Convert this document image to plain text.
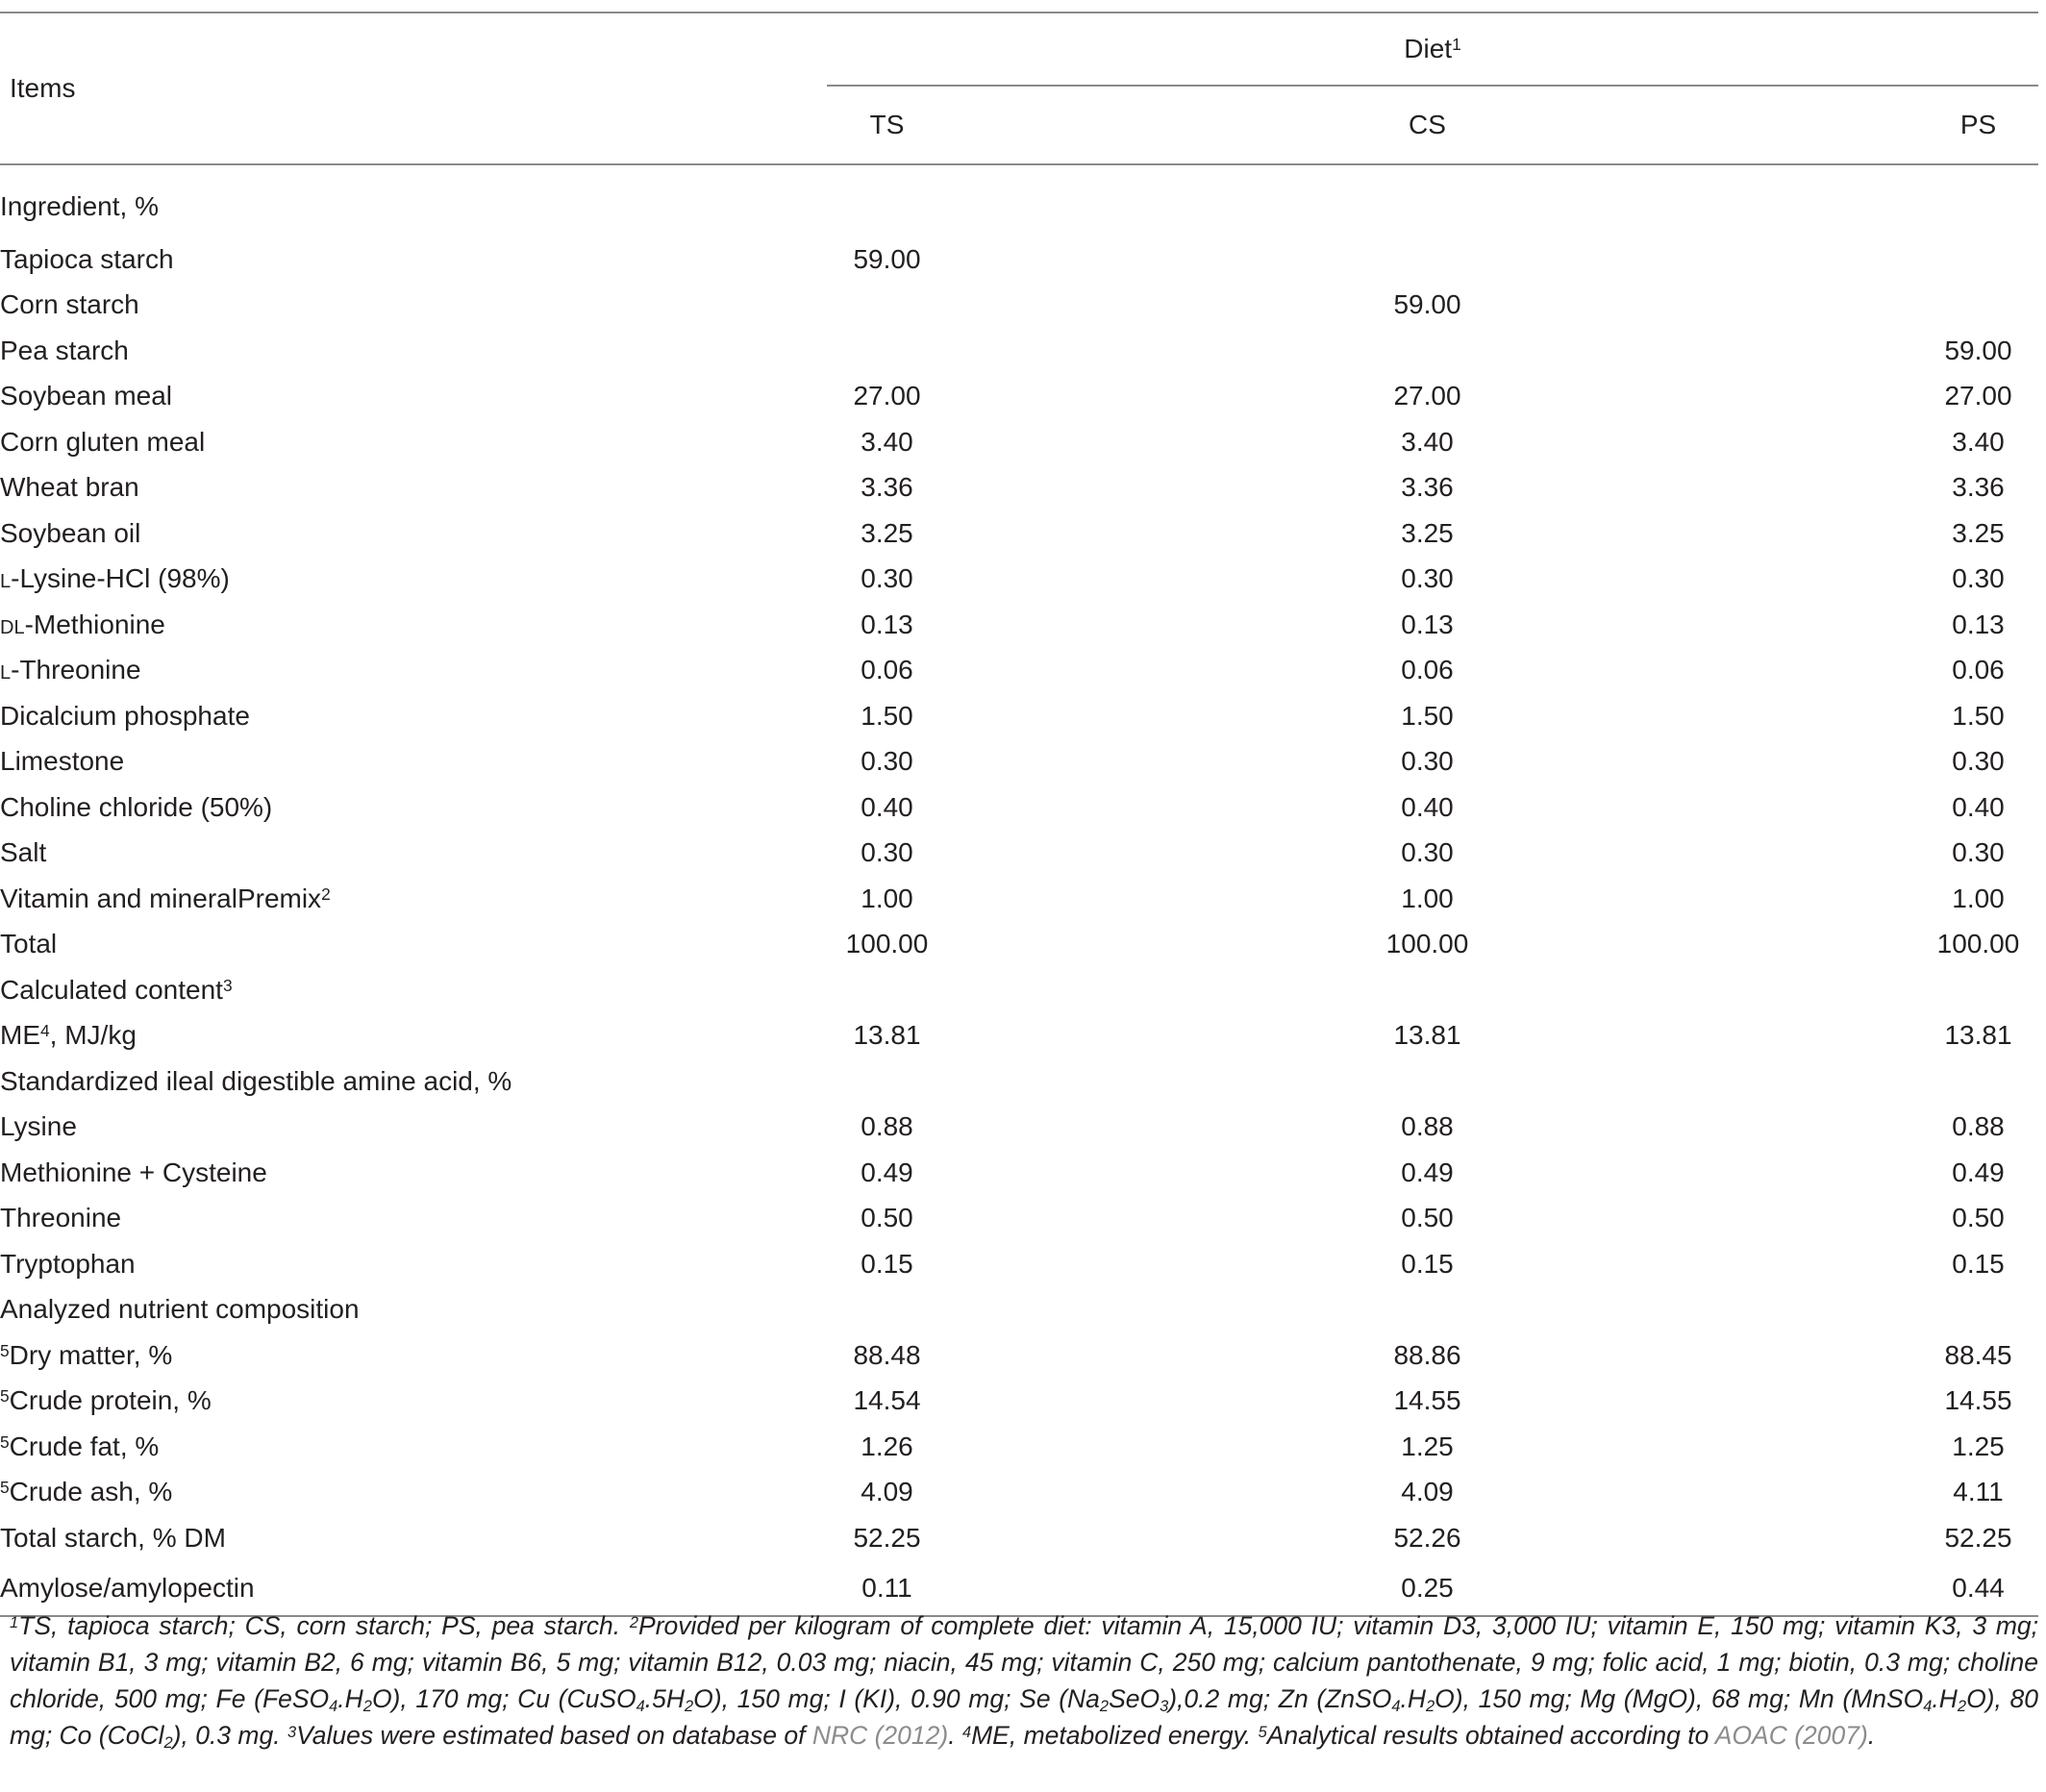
Items	Diet$^1$
	TS		CS		PS
Ingredient, %					
Tapioca starch	59.00				
Corn starch			59.00		
Pea starch					59.00
Soybean meal	27.00		27.00		27.00
Corn gluten meal	3.40		3.40		3.40
Wheat bran	3.36		3.36		3.36
Soybean oil	3.25		3.25		3.25
l-Lysine-HCl (98%)	0.30		0.30		0.30
dl-Methionine	0.13		0.13		0.13
l-Threonine	0.06		0.06		0.06
Dicalcium phosphate	1.50		1.50		1.50
Limestone	0.30		0.30		0.30
Choline chloride (50%)	0.40		0.40		0.40
Salt	0.30		0.30		0.30
Vitamin and mineralPremix$^2$	1.00		1.00		1.00
Total	100.00		100.00		100.00
Calculated content$^3$
$ME^4$, MJ/kg	13.81		13.81		13.81
Standardized ileal digestible amine acid, %					
Lysine	0.88		0.88		0.88
Methionine + Cysteine	0.49		0.49		0.49
Threonine	0.50		0.50		0.50
Tryptophan	0.15		0.15		0.15
Analyzed nutrient composition					
$^5$Dry matter, %	88.48		88.86		88.45
$^5$Crude protein, %	14.54		14.55		14.55
$^5$Crude fat, %	1.26		1.25		1.25
$^5$Crude ash, %	4.09		4.09		4.11
Total starch, % DM	52.25		52.26		52.25
Amylose/amylopectin	0.11		0.25		0.44
$^1$TS, tapioca starch; CS, corn starch; PS, pea starch. $^2$Provided per kilogram of complete diet: vitamin A, 15,000 IU; vitamin D3, 3,000 IU; vitamin E, 150 mg; vitamin K3, 3 mg; vitamin B1, 3 mg; vitamin B2, 6 mg; vitamin B6, 5 mg; vitamin B12, 0.03 mg; niacin, 45 mg; vitamin C, 250 mg; calcium pantothenate, 9 mg; folic acid, 1 mg; biotin, 0.3 mg; choline chloride, 500 mg; Fe $(FeSO_4.H_2O)$, 170 mg; Cu $(CuSO_4.5H_2O)$, 150 mg; I (KI), 0.90 mg; Se $(Na_2SeO_3),0.2$ mg; Zn $(ZnSO_4.H_2O)$, 150 mg; Mg (MgO), 68 mg; Mn $(MnSO_4.H_2O)$, 80 mg; Co (CoCl$_2$), 0.3 mg. $^3$Values were estimated based on database of NRC (2012). $^4$ME, metabolized energy. $^5$Analytical results obtained according to AOAC (2007).
